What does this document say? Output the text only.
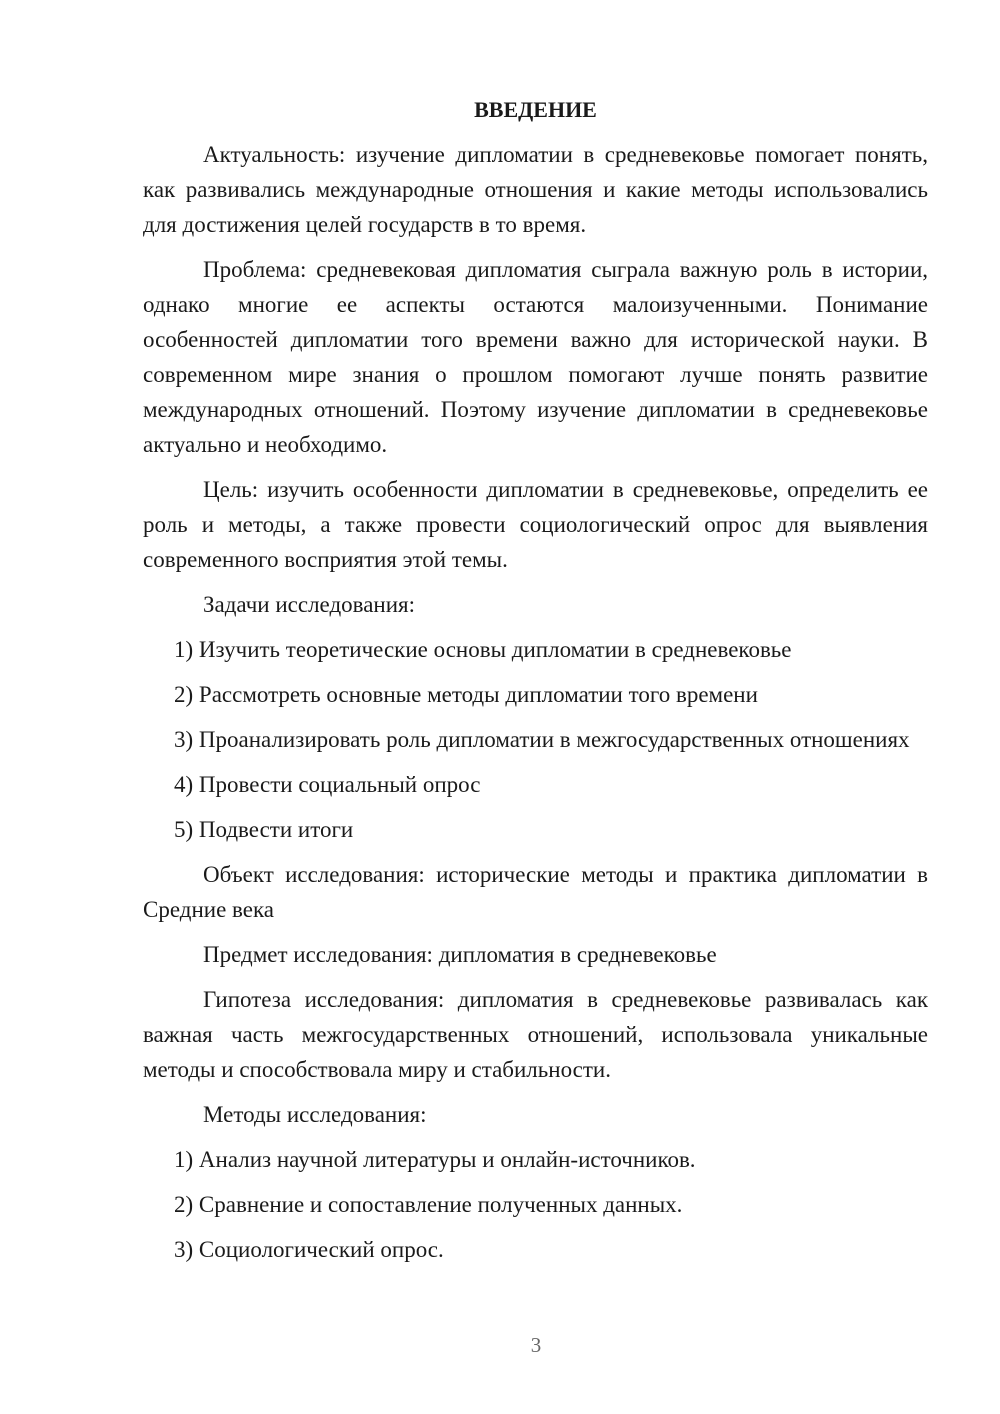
ВВЕДЕНИЕ
Актуальность: изучение дипломатии в средневековье помогает понять, как развивались международные отношения и какие методы использовались для достижения целей государств в то время.
Проблема: средневековая дипломатия сыграла важную роль в истории, однако многие ее аспекты остаются малоизученными. Понимание особенностей дипломатии того времени важно для исторической науки. В современном мире знания о прошлом помогают лучше понять развитие международных отношений. Поэтому изучение дипломатии в средневековье актуально и необходимо.
Цель: изучить особенности дипломатии в средневековье, определить ее роль и методы, а также провести социологический опрос для выявления современного восприятия этой темы.
Задачи исследования:
1) Изучить теоретические основы дипломатии в средневековье
2) Рассмотреть основные методы дипломатии того времени
3) Проанализировать роль дипломатии в межгосударственных отношениях
4) Провести социальный опрос
5) Подвести итоги
Объект исследования: исторические методы и практика дипломатии в Средние века
Предмет исследования: дипломатия в средневековье
Гипотеза исследования: дипломатия в средневековье развивалась как важная часть межгосударственных отношений, использовала уникальные методы и способствовала миру и стабильности.
Методы исследования:
1) Анализ научной литературы и онлайн-источников.
2) Сравнение и сопоставление полученных данных.
3) Социологический опрос.
3
